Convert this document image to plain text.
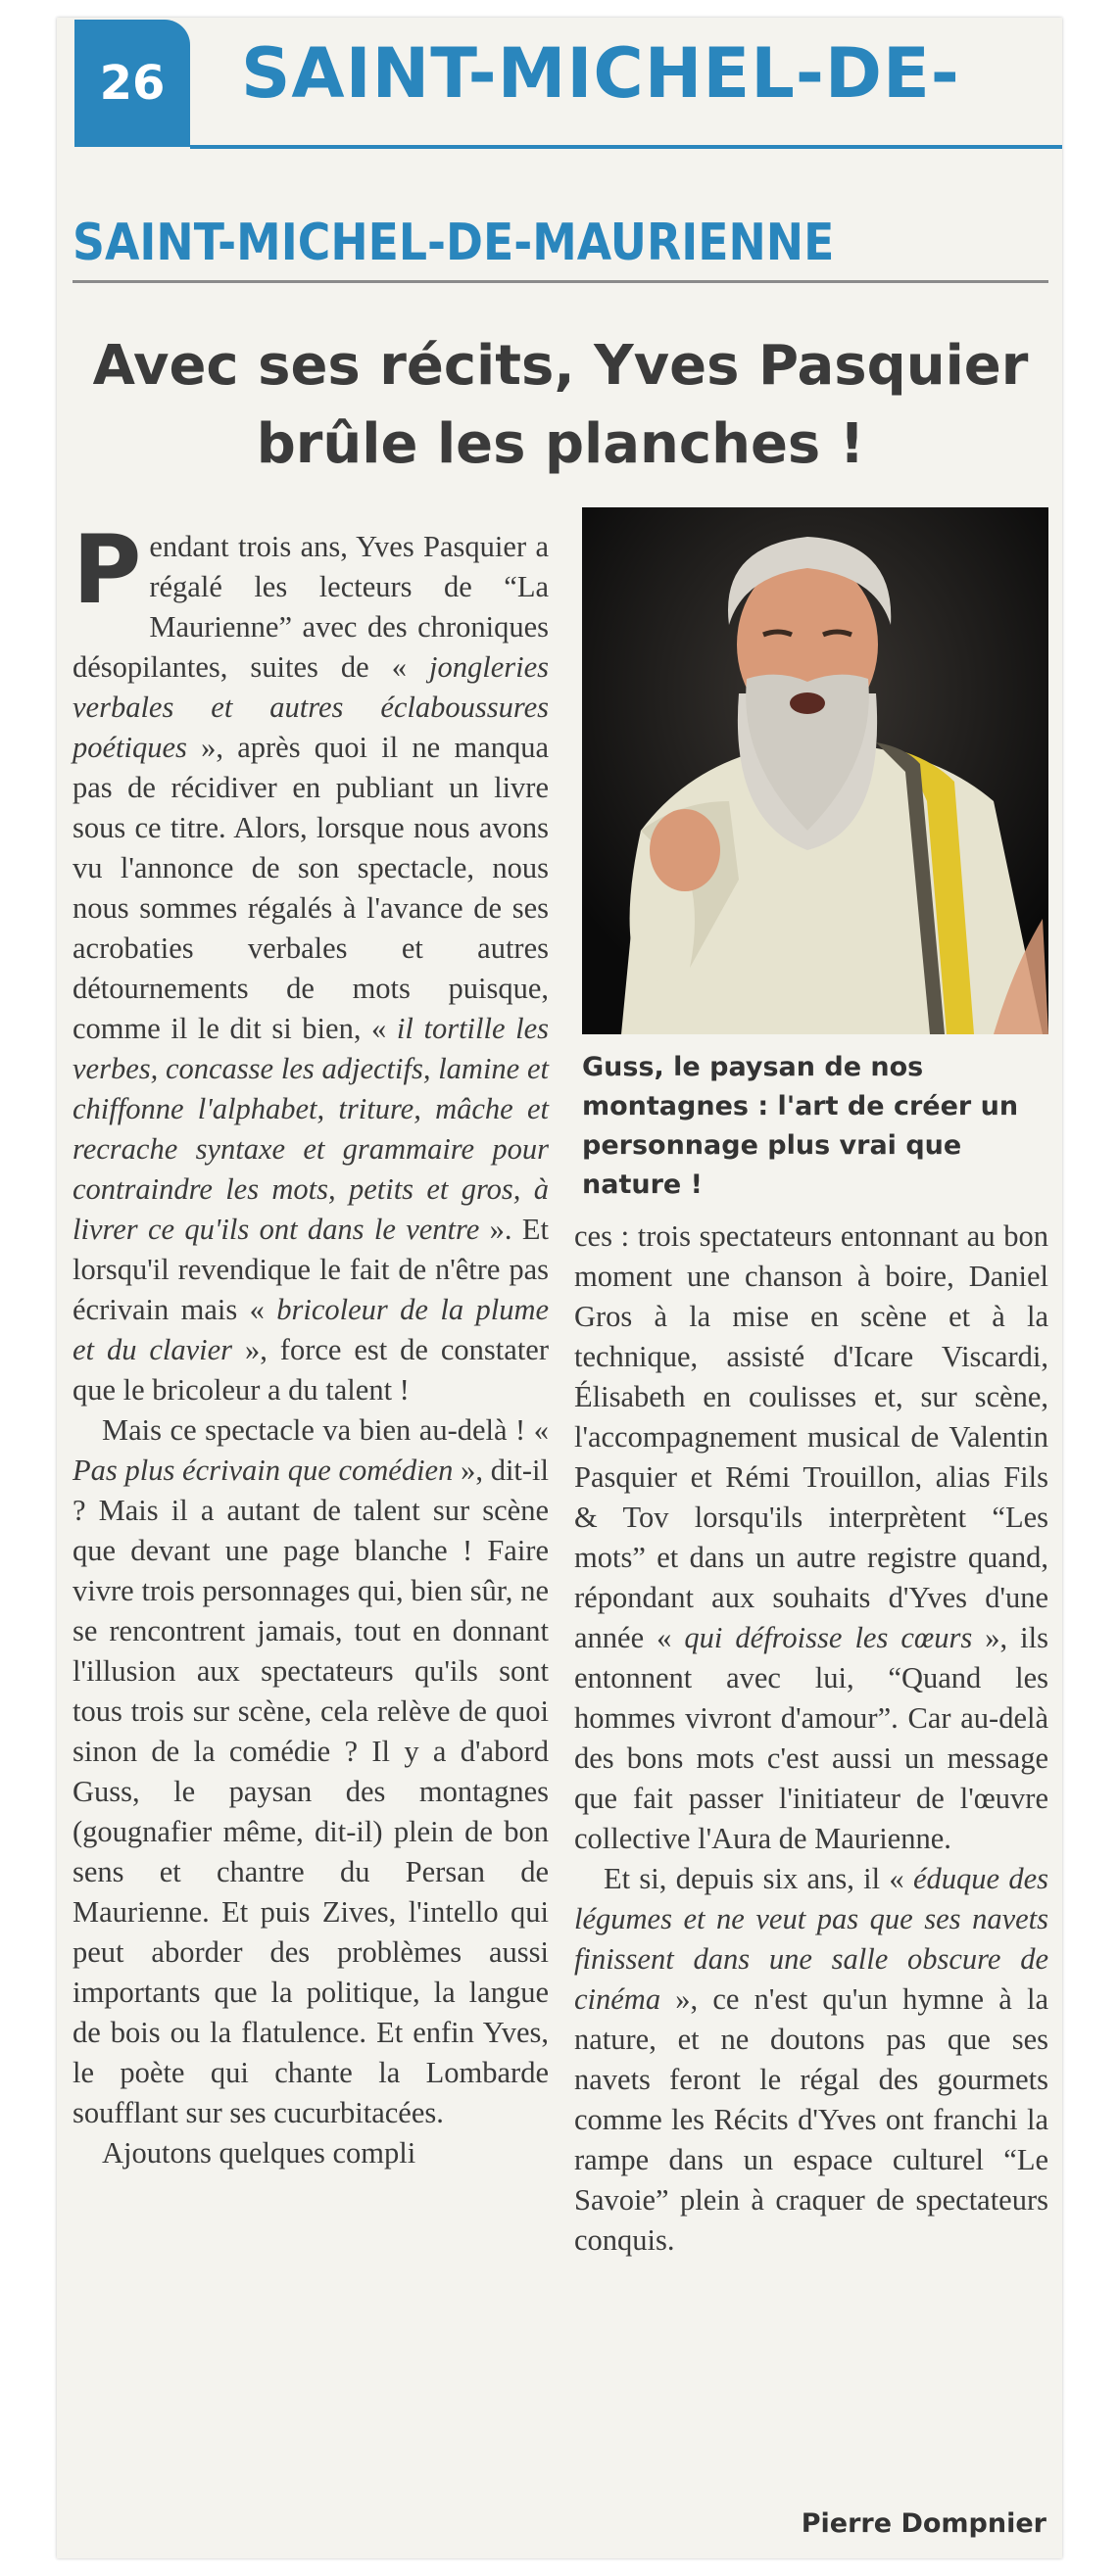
26	SAINT-MICHEL-DE-
SAINT-MICHEL-DE-MAURIENNE
Avec ses récits, Yves Pasquier
brûle les planches !

Pendant trois ans, Yves Pasquier a régalé les lecteurs de “La Maurienne” avec des chroniques désopilantes, suites de « jongleries verbales et autres éclaboussures poétiques », après quoi il ne manqua pas de récidiver en publiant un livre sous ce titre. Alors, lorsque nous avons vu l'annonce de son spectacle, nous nous sommes régalés à l'avance de ses acrobaties verbales et autres détournements de mots puisque, comme il le dit si bien, « il tortille les verbes, concasse les adjectifs, lamine et chiffonne l'alphabet, triture, mâche et recrache syntaxe et grammaire pour contraindre les mots, petits et gros, à livrer ce qu'ils ont dans le ventre ». Et lorsqu'il revendique le fait de n'être pas écrivain mais « bricoleur de la plume et du clavier », force est de constater que le bricoleur a du talent !

Mais ce spectacle va bien au-delà ! « Pas plus écrivain que comédien », dit-il ? Mais il a autant de talent sur scène que devant une page blanche ! Faire vivre trois personnages qui, bien sûr, ne se rencontrent jamais, tout en donnant l'illusion aux spectateurs qu'ils sont tous trois sur scène, cela relève de quoi sinon de la comédie ? Il y a d'abord Guss, le paysan des montagnes (gougnafier même, dit-il) plein de bon sens et chantre du Persan de Maurienne. Et puis Zives, l'intello qui peut aborder des problèmes aussi importants que la politique, la langue de bois ou la flatulence. Et enfin Yves, le poète qui chante la Lombarde soufflant sur ses cucurbitacées.

Ajoutons quelques compli

Guss, le paysan de nos
montagnes : l'art de créer un
personnage plus vrai que nature !

ces : trois spectateurs entonnant au bon moment une chanson à boire, Daniel Gros à la mise en scène et à la technique, assisté d'Icare Viscardi, Élisabeth en coulisses et, sur scène, l'accompagnement musical de Valentin Pasquier et Rémi Trouillon, alias Fils & Tov lorsqu'ils interprètent “Les mots” et dans un autre registre quand, répondant aux souhaits d'Yves d'une année « qui défroisse les cœurs », ils entonnent avec lui, “Quand les hommes vivront d'amour”. Car au-delà des bons mots c'est aussi un message que fait passer l'initiateur de l'œuvre collective l'Aura de Maurienne.

Et si, depuis six ans, il « éduque des légumes et ne veut pas que ses navets finissent dans une salle obscure de cinéma », ce n'est qu'un hymne à la nature, et ne doutons pas que ses navets feront le régal des gourmets comme les Récits d'Yves ont franchi la rampe dans un espace culturel “Le Savoie” plein à craquer de spectateurs conquis.

Pierre Dompnier
